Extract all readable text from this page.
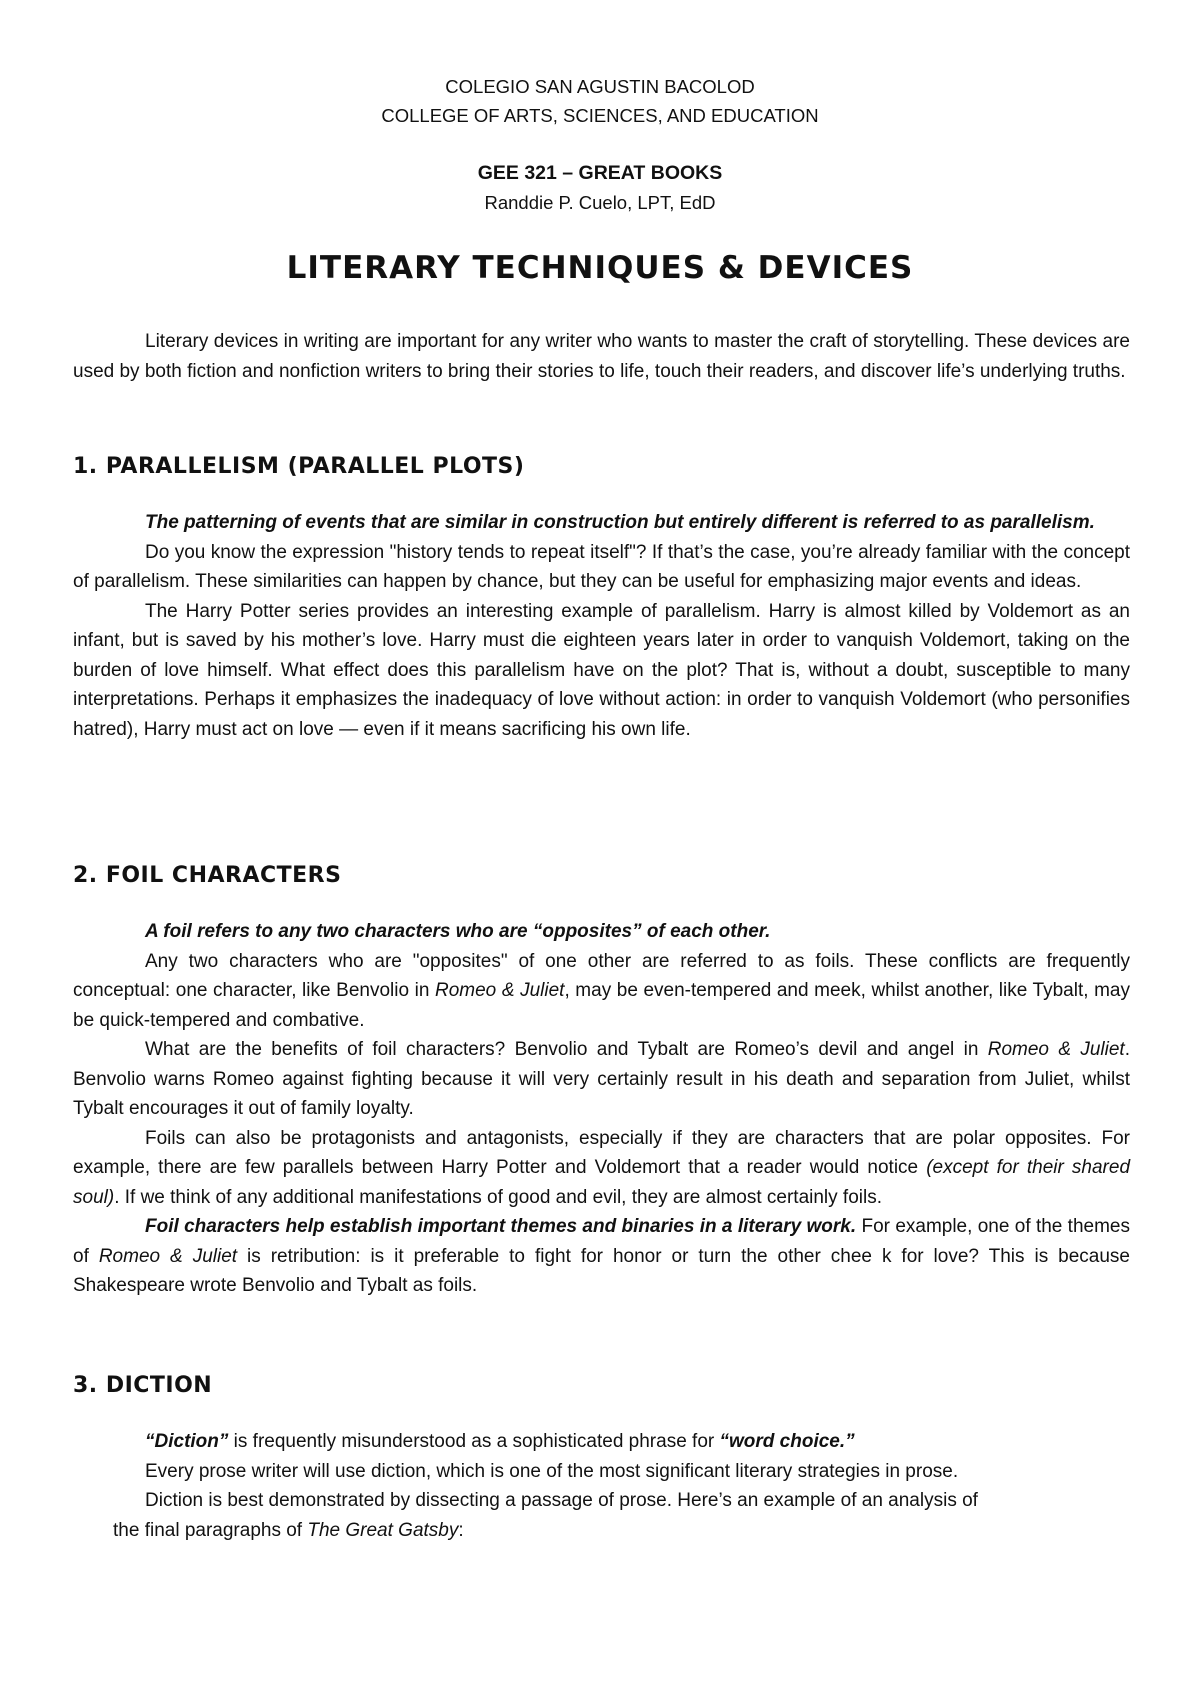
COLEGIO SAN AGUSTIN BACOLOD
COLLEGE OF ARTS, SCIENCES, AND EDUCATION
GEE 321 – GREAT BOOKS
Randdie P. Cuelo, LPT, EdD
LITERARY TECHNIQUES & DEVICES

Literary devices in writing are important for any writer who wants to master the craft of storytelling. These devices are used by both fiction and nonfiction writers to bring their stories to life, touch their readers, and discover life’s underlying truths.

1. PARALLELISM (PARALLEL PLOTS)

The patterning of events that are similar in construction but entirely different is referred to as parallelism.

Do you know the expression "history tends to repeat itself"? If that’s the case, you’re already familiar with the concept of parallelism. These similarities can happen by chance, but they can be useful for emphasizing major events and ideas.

The Harry Potter series provides an interesting example of parallelism. Harry is almost killed by Voldemort as an infant, but is saved by his mother’s love. Harry must die eighteen years later in order to vanquish Voldemort, taking on the burden of love himself. What effect does this parallelism have on the plot? That is, without a doubt, susceptible to many interpretations. Perhaps it emphasizes the inadequacy of love without action: in order to vanquish Voldemort (who personifies hatred), Harry must act on love — even if it means sacrificing his own life.

2. FOIL CHARACTERS

A foil refers to any two characters who are “opposites” of each other.

Any two characters who are "opposites" of one other are referred to as foils. These conflicts are frequently conceptual: one character, like Benvolio in Romeo & Juliet, may be even-tempered and meek, whilst another, like Tybalt, may be quick-tempered and combative.

What are the benefits of foil characters? Benvolio and Tybalt are Romeo’s devil and angel in Romeo & Juliet. Benvolio warns Romeo against fighting because it will very certainly result in his death and separation from Juliet, whilst Tybalt encourages it out of family loyalty.

Foils can also be protagonists and antagonists, especially if they are characters that are polar opposites. For example, there are few parallels between Harry Potter and Voldemort that a reader would notice (except for their shared soul). If we think of any additional manifestations of good and evil, they are almost certainly foils.

Foil characters help establish important themes and binaries in a literary work. For example, one of the themes of Romeo & Juliet is retribution: is it preferable to fight for honor or turn the other chee k for love? This is because Shakespeare wrote Benvolio and Tybalt as foils.

3. DICTION

“Diction” is frequently misunderstood as a sophisticated phrase for “word choice.”

Every prose writer will use diction, which is one of the most significant literary strategies in prose.

Diction is best demonstrated by dissecting a passage of prose. Here’s an example of an analysis of

the final paragraphs of The Great Gatsby:
